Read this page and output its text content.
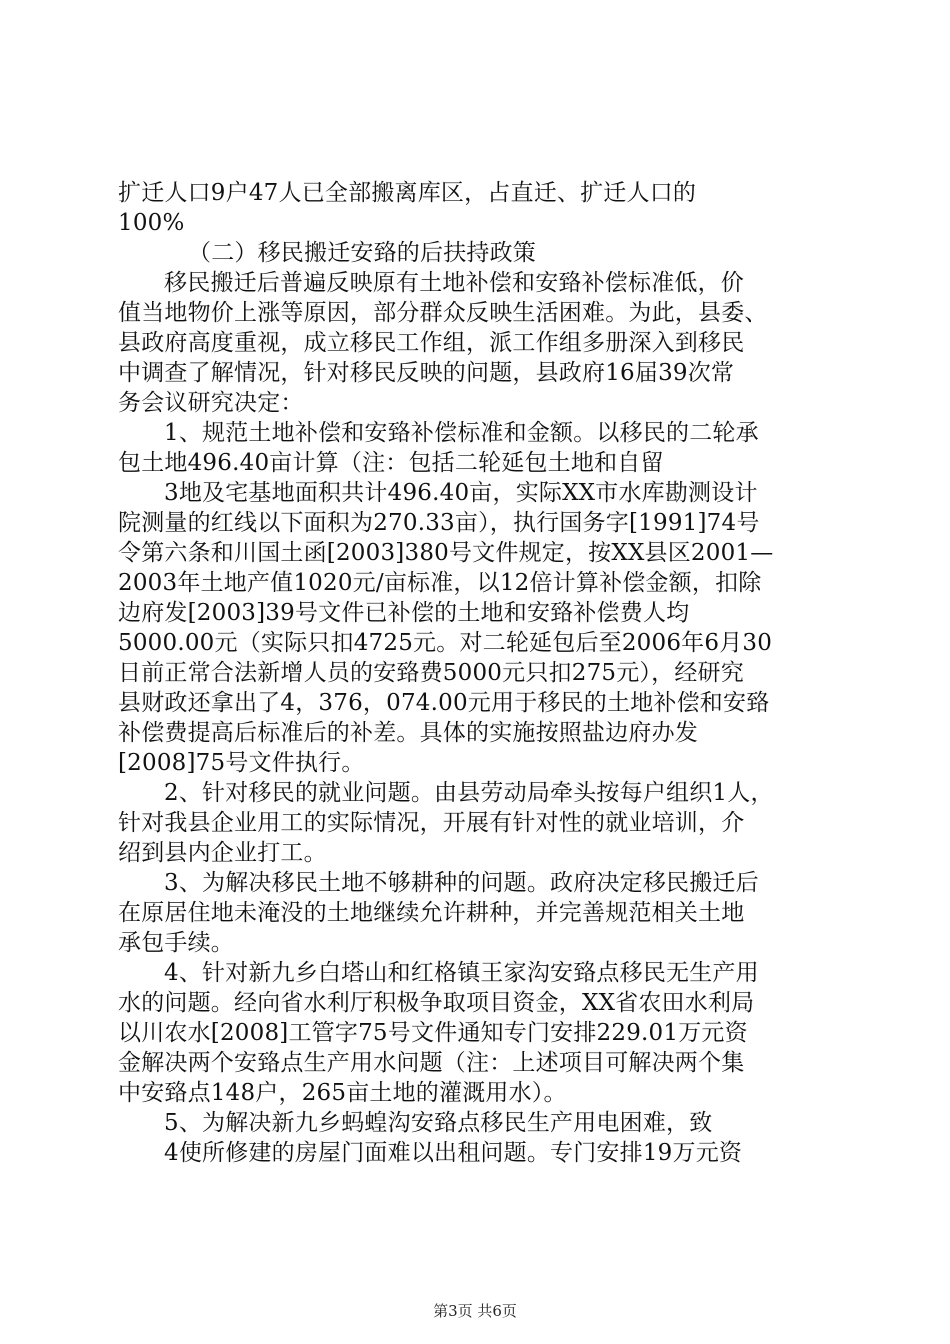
扩迁人口9户47人已全部搬离库区，占直迁、扩迁人口的
100%
（二）移民搬迁安臵的后扶持政策
移民搬迁后普遍反映原有土地补偿和安臵补偿标准低，价
值当地物价上涨等原因，部分群众反映生活困难。为此，县委、
县政府高度重视，成立移民工作组，派工作组多册深入到移民
中调查了解情况，针对移民反映的问题，县政府16届39次常
务会议研究决定：
1、规范土地补偿和安臵补偿标准和金额。以移民的二轮承
包土地496.40亩计算（注：包括二轮延包土地和自留
3地及宅基地面积共计496.40亩，实际XX市水库勘测设计
院测量的红线以下面积为270.33亩），执行国务字[1991]74号
令第六条和川国土函[2003]380号文件规定，按XX县区2001—
2003年土地产值1020元/亩标准，以12倍计算补偿金额，扣除
边府发[2003]39号文件已补偿的土地和安臵补偿费人均
5000.00元（实际只扣4725元。对二轮延包后至2006年6月30
日前正常合法新增人员的安臵费5000元只扣275元），经研究
县财政还拿出了4，376，074.00元用于移民的土地补偿和安臵
补偿费提高后标准后的补差。具体的实施按照盐边府办发
[2008]75号文件执行。
2、针对移民的就业问题。由县劳动局牵头按每户组织1人，
针对我县企业用工的实际情况，开展有针对性的就业培训，介
绍到县内企业打工。
3、为解决移民土地不够耕种的问题。政府决定移民搬迁后
在原居住地未淹没的土地继续允许耕种，并完善规范相关土地
承包手续。
4、针对新九乡白塔山和红格镇王家沟安臵点移民无生产用
水的问题。经向省水利厅积极争取项目资金，XX省农田水利局
以川农水[2008]工管字75号文件通知专门安排229.01万元资
金解决两个安臵点生产用水问题（注：上述项目可解决两个集
中安臵点148户，265亩土地的灌溉用水）。
5、为解决新九乡蚂蝗沟安臵点移民生产用电困难，致
4使所修建的房屋门面难以出租问题。专门安排19万元资
第3页 共6页
